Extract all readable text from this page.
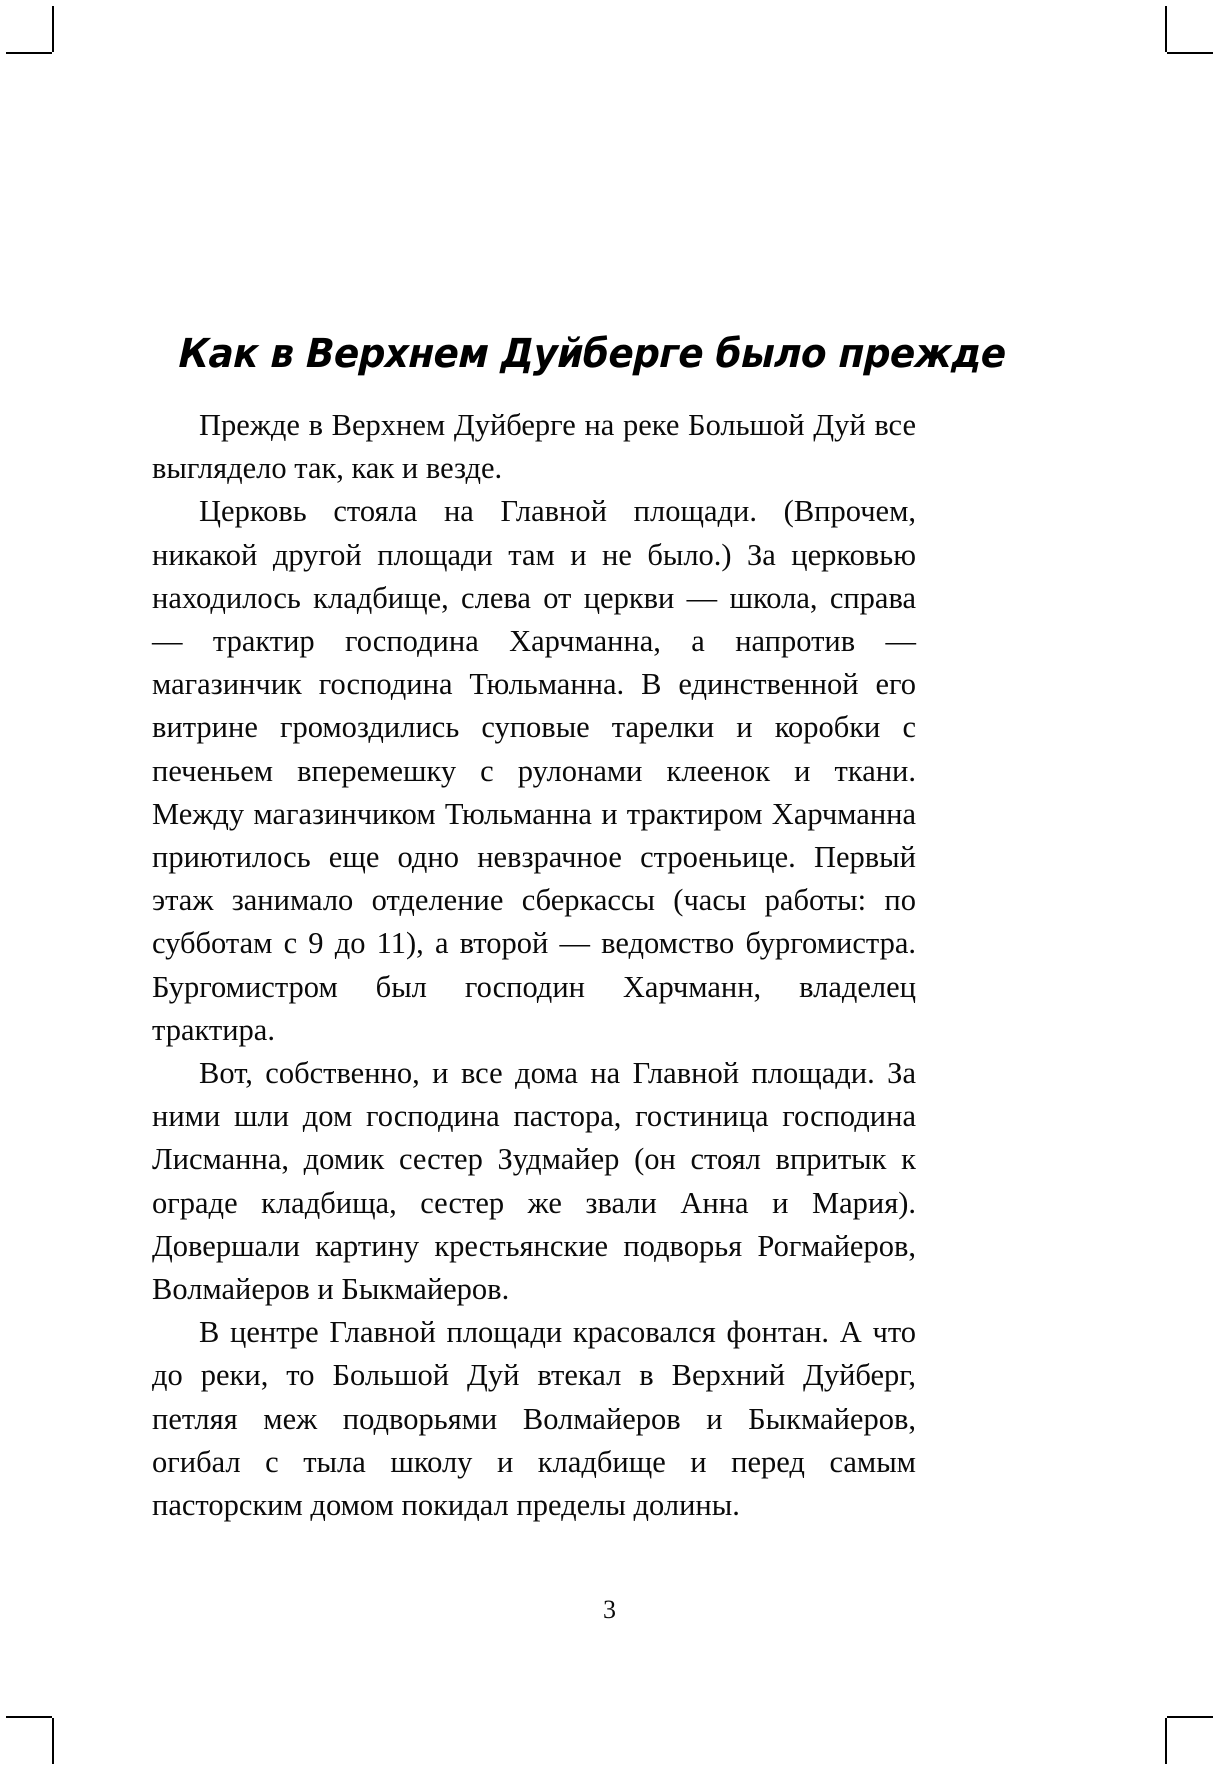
Как в Верхнем Дуйберге было прежде

Прежде в Верхнем Дуйберге на реке Большой Дуй все выглядело так, как и везде.

Церковь стояла на Главной площади. (Впрочем, никакой другой площади там и не было.) За церковью находилось кладбище, слева от церкви — школа, справа — трактир господина Харчманна, а напротив — магазинчик господина Тюльманна. В единственной его витрине громоздились суповые тарелки и коробки с печеньем вперемешку с рулонами клеенок и ткани. Между магазинчиком Тюльманна и трактиром Харчманна приютилось еще одно невзрачное строеньице. Первый этаж занимало отделение сберкассы (часы работы: по субботам с 9 до 11), а второй — ведомство бургомистра. Бургомистром был господин Харчманн, владелец трактира.

Вот, собственно, и все дома на Главной площади. За ними шли дом господина пастора, гостиница господина Лисманна, домик сестер Зудмайер (он стоял впритык к ограде кладбища, сестер же звали Анна и Мария). Довершали картину крестьянские подворья Рогмайеров, Волмайеров и Быкмайеров.

В центре Главной площади красовался фонтан. А что до реки, то Большой Дуй втекал в Верхний Дуйберг, петляя меж подворьями Волмайеров и Быкмайеров, огибал с тыла школу и кладбище и перед самым пасторским домом покидал пределы долины.

3
